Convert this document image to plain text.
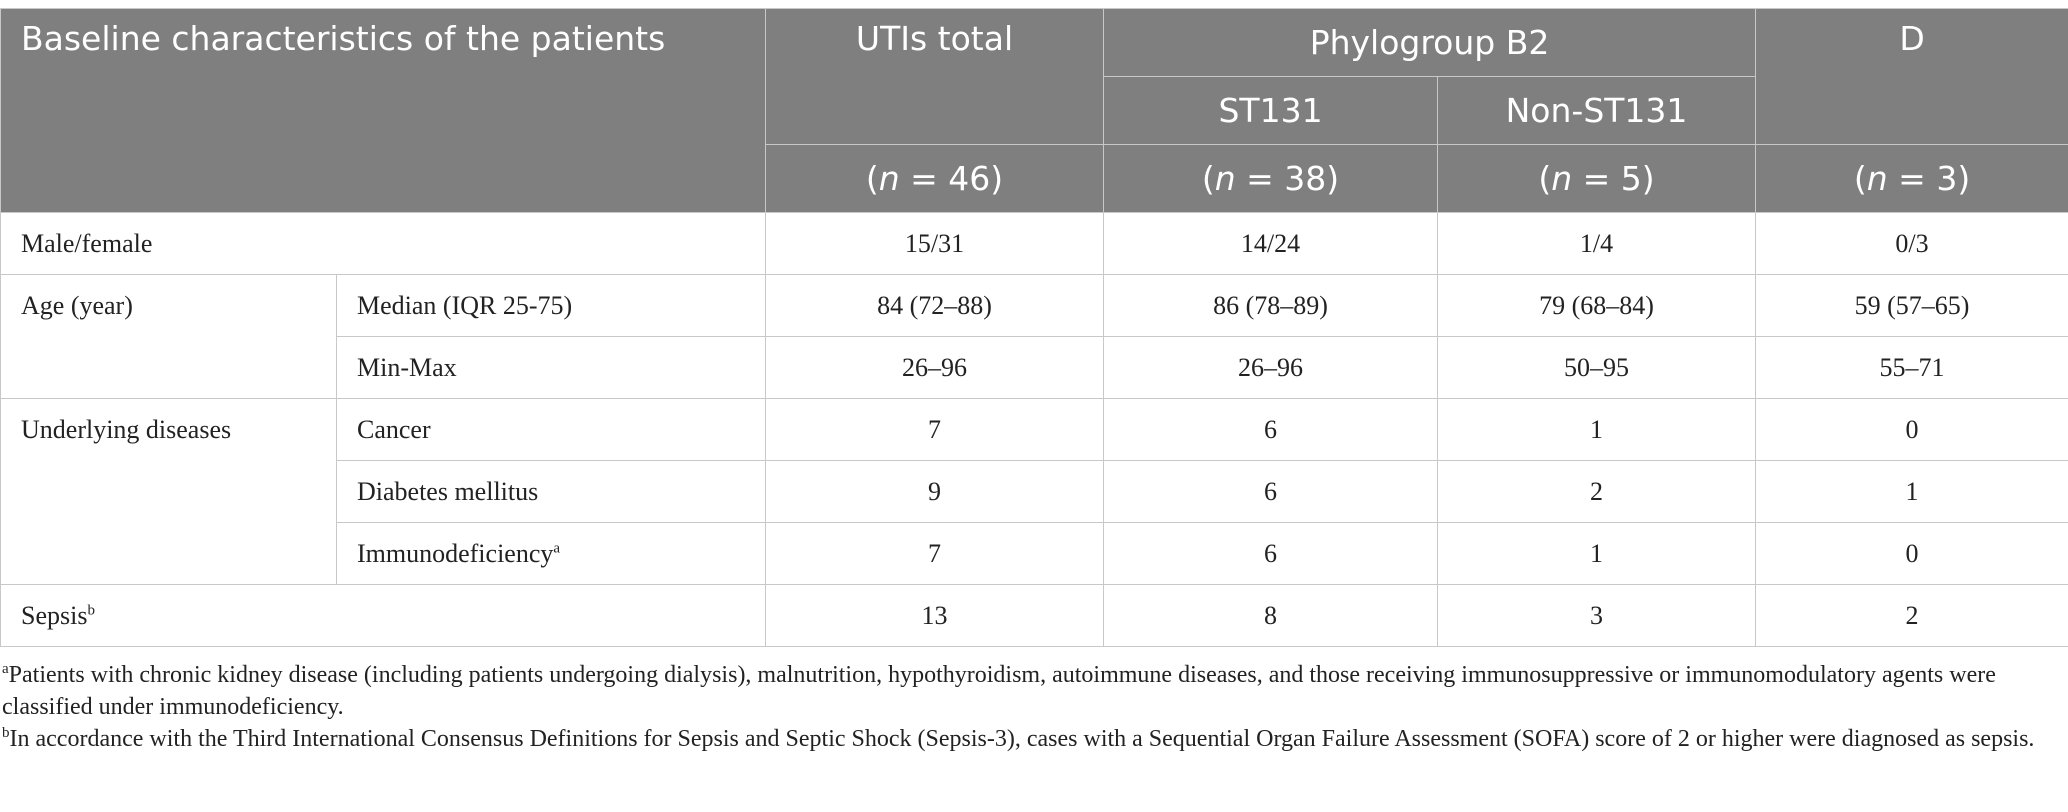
Baseline characteristics of the patients		UTIs total	Phylogroup B2		D
			ST131	Non-ST131	
		(n = 46)	(n = 38)	(n = 5)	(n = 3)
Male/female		15/31	14/24	1/4	0/3
Age (year)	Median (IQR 25-75)	84 (72–88)	86 (78–89)	79 (68–84)	59 (57–65)
	Min-Max	26–96	26–96	50–95	55–71
Underlying diseases	Cancer	7	6	1	0
	Diabetes mellitus	9	6	2	1
	Immunodeficiency$^a$	7	6	1	0
Sepsis$^b$		13	8	3	2

$^a$Patients with chronic kidney disease (including patients undergoing dialysis), malnutrition, hypothyroidism, autoimmune diseases, and those receiving immunosuppressive or immunomodulatory agents were classified under immunodeficiency.

$^b$In accordance with the Third International Consensus Definitions for Sepsis and Septic Shock (Sepsis-3), cases with a Sequential Organ Failure Assessment (SOFA) score of 2 or higher were diagnosed as sepsis.
